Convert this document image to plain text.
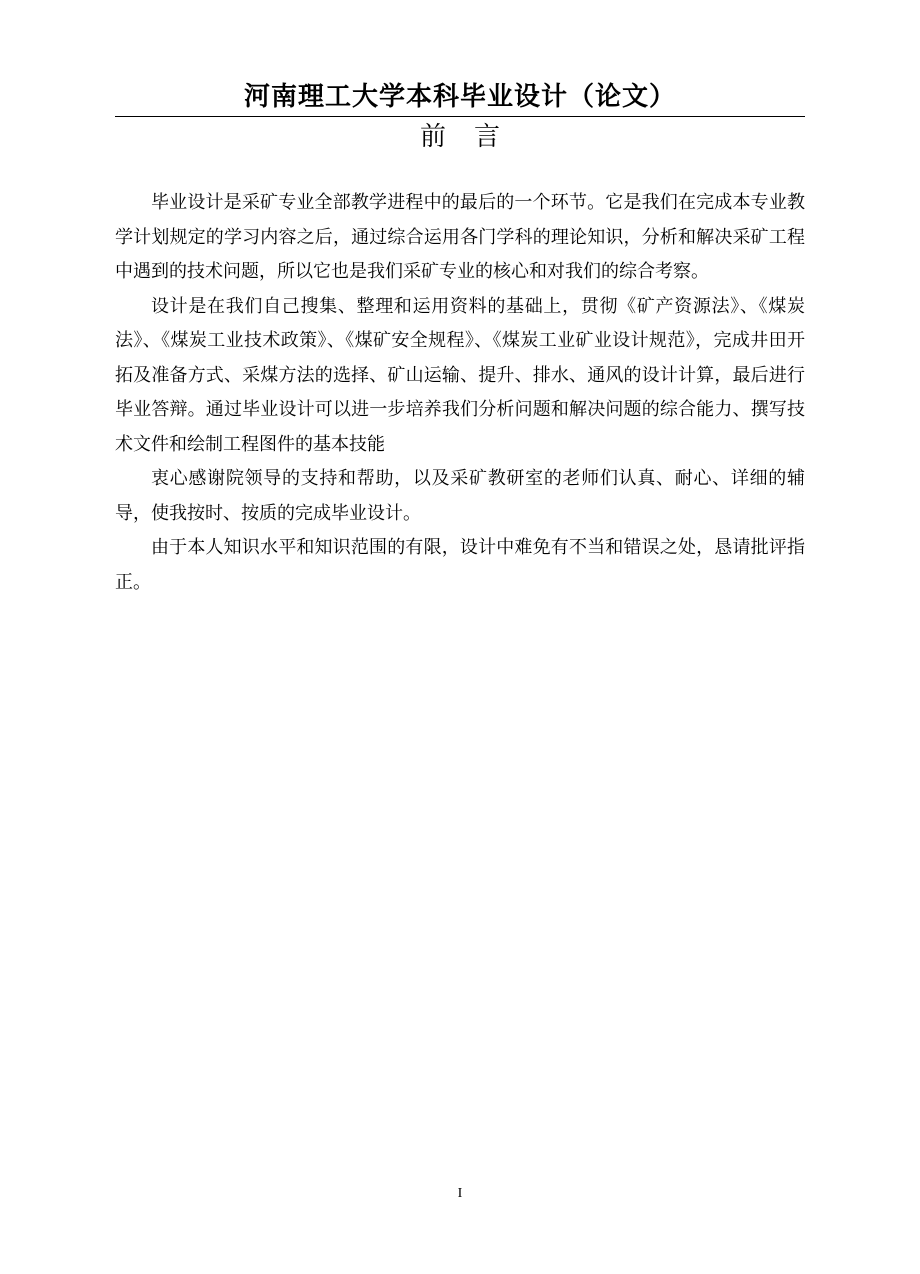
河南理工大学本科毕业设计（论文）
前言

毕业设计是采矿专业全部教学进程中的最后的一个环节。它是我们在完成本专业教学计划规定的学习内容之后，通过综合运用各门学科的理论知识，分析和解决采矿工程中遇到的技术问题，所以它也是我们采矿专业的核心和对我们的综合考察。

设计是在我们自己搜集、整理和运用资料的基础上，贯彻《矿产资源法》、《煤炭法》、《煤炭工业技术政策》、《煤矿安全规程》、《煤炭工业矿业设计规范》，完成井田开拓及准备方式、采煤方法的选择、矿山运输、提升、排水、通风的设计计算，最后进行毕业答辩。通过毕业设计可以进一步培养我们分析问题和解决问题的综合能力、撰写技术文件和绘制工程图件的基本技能

衷心感谢院领导的支持和帮助，以及采矿教研室的老师们认真、耐心、详细的辅导，使我按时、按质的完成毕业设计。

由于本人知识水平和知识范围的有限，设计中难免有不当和错误之处，恳请批评指正。

I
